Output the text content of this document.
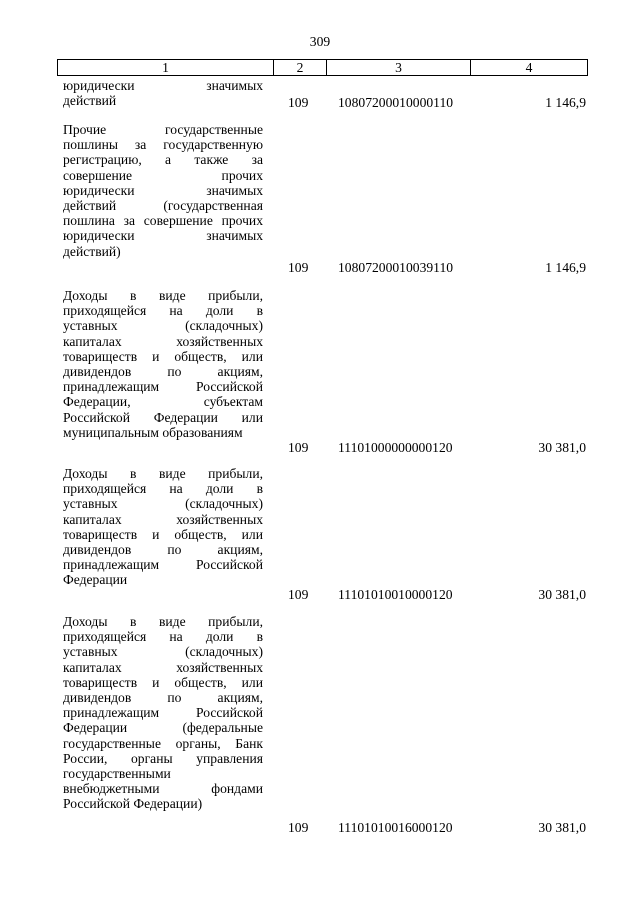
309
1	2	3	4
юридически значимых
действий	109 10807200010000110	1 146,9
Прочие государственные
пошлины за государственную
регистрацию, а также за
совершение прочих
юридически значимых
действий (государственная
пошлина за совершение прочих
юридически значимых
действий)
109 10807200010039110	1 146,9
Доходы в виде прибыли,
приходящейся на доли в
уставных (складочных)
капиталах хозяйственных
товариществ и обществ, или
дивидендов по акциям,
принадлежащим Российской
Федерации, субъектам
Российской Федерации или
муниципальным образованиям
109 11101000000000120	30 381,0
Доходы в виде прибыли,
приходящейся на доли в
уставных (складочных)
капиталах хозяйственных
товариществ и обществ, или
дивидендов по акциям,
принадлежащим Российской
Федерации
109 11101010010000120	30 381,0
Доходы в виде прибыли,
приходящейся на доли в
уставных (складочных)
капиталах хозяйственных
товариществ и обществ, или
дивидендов по акциям,
принадлежащим Российской
Федерации (федеральные
государственные органы, Банк
России, органы управления
государственными
внебюджетными фондами
Российской Федерации)
109 11101010016000120	30 381,0
